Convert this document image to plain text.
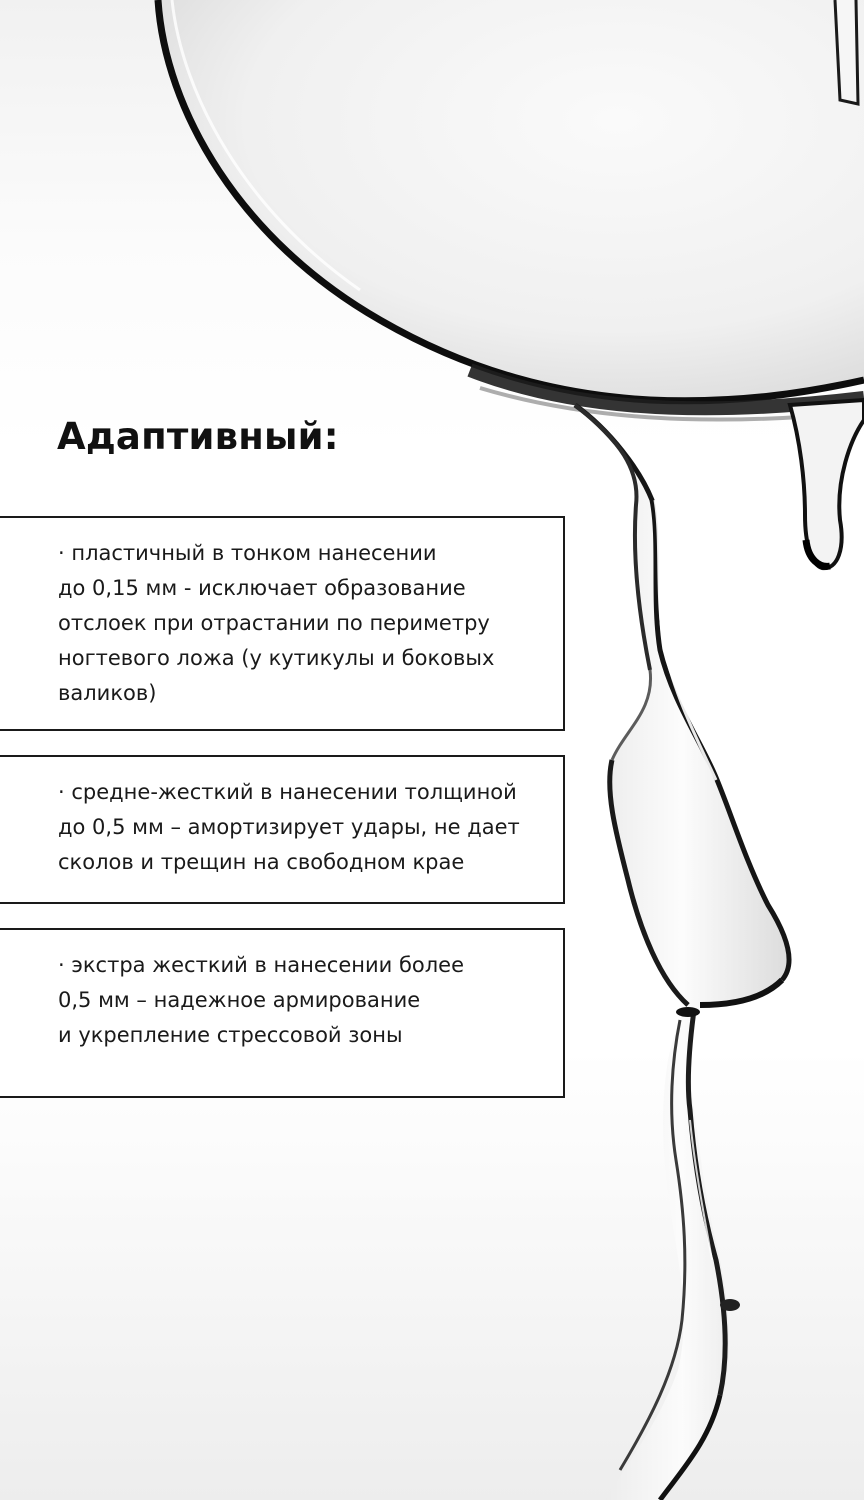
Адаптивный:

· пластичный в тонком нанесении
до 0,15 мм - исключает образование
отслоек при отрастании по периметру
ногтевого ложа (у кутикулы и боковых
валиков)

· средне-жесткий в нанесении толщиной
до 0,5 мм – амортизирует удары, не дает
сколов и трещин на свободном крае

· экстра жесткий в нанесении более
0,5 мм – надежное армирование
и укрепление стрессовой зоны
